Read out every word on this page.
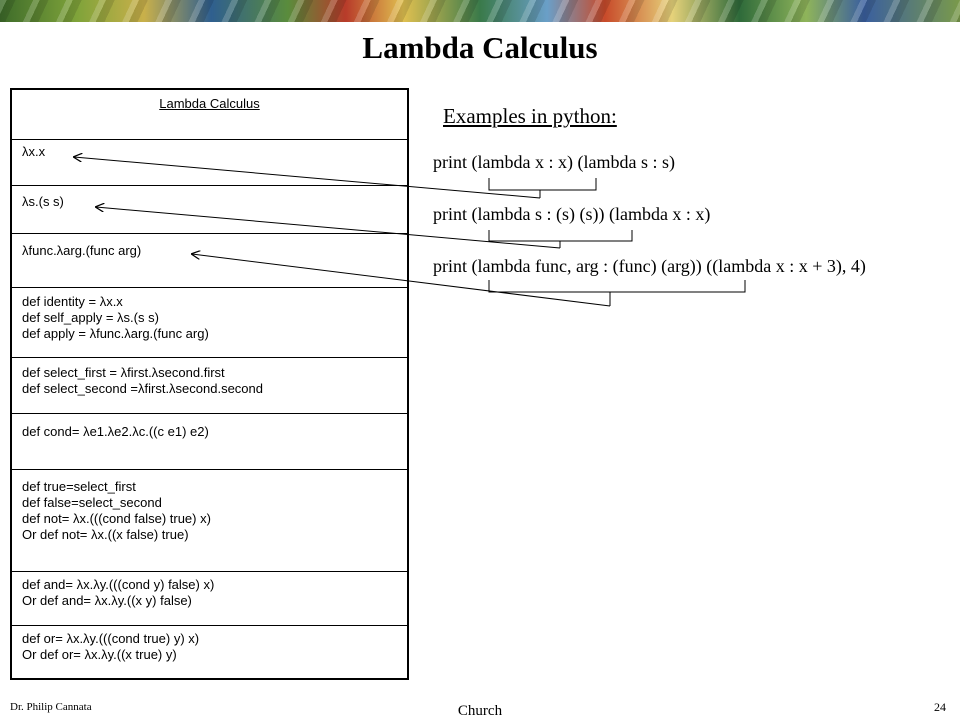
Lambda Calculus
Lambda Calculus
λx.x
λs.(s s)
λfunc.λarg.(func arg)
def identity = λx.x
def self_apply = λs.(s s)
def apply = λfunc.λarg.(func arg)
def select_first = λfirst.λsecond.first
def select_second =λfirst.λsecond.second
def cond= λe1.λe2.λc.((c e1) e2)
def true=select_first
def false=select_second
def not= λx.(((cond false) true) x)
Or def not= λx.((x false) true)
def and= λx.λy.(((cond y) false) x)
Or def and= λx.λy.((x y) false)
def or= λx.λy.(((cond true) y) x)
Or def or= λx.λy.((x true) y)
Examples in python:
print (lambda x : x) (lambda s : s)
print (lambda s : (s) (s)) (lambda x : x)
print (lambda func, arg : (func) (arg)) ((lambda x : x + 3), 4)
Dr. Philip Cannata	Church	24
